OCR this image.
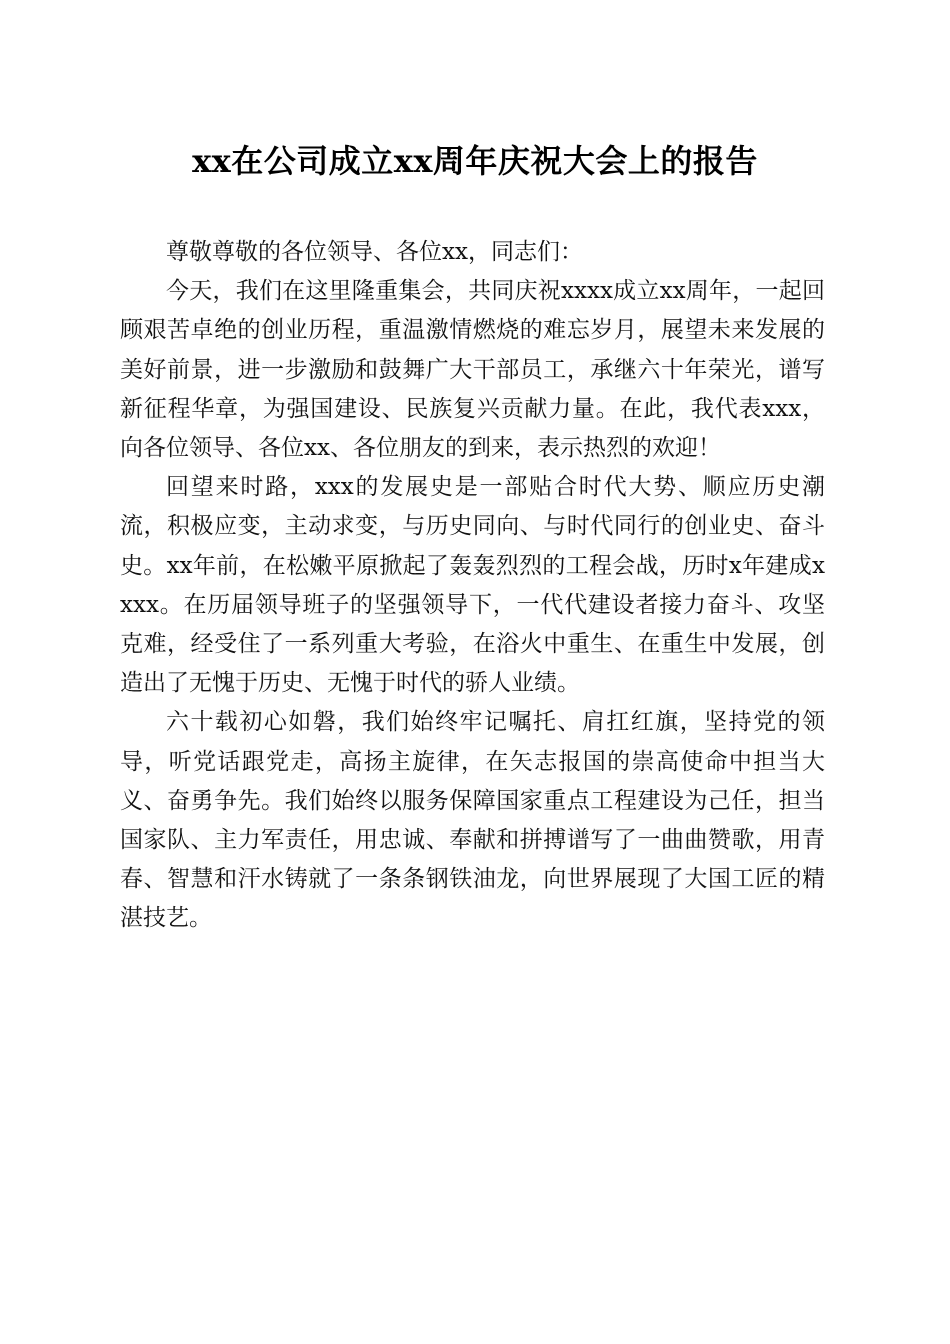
xx在公司成立xx周年庆祝大会上的报告

尊敬尊敬的各位领导、各位xx，同志们：

今天，我们在这里隆重集会，共同庆祝xxxx成立xx周年，一起回顾艰苦卓绝的创业历程，重温激情燃烧的难忘岁月，展望未来发展的美好前景，进一步激励和鼓舞广大干部员工，承继六十年荣光，谱写新征程华章，为强国建设、民族复兴贡献力量。在此，我代表xxx，向各位领导、各位xx、各位朋友的到来，表示热烈的欢迎！

回望来时路，xxx的发展史是一部贴合时代大势、顺应历史潮流，积极应变，主动求变，与历史同向、与时代同行的创业史、奋斗史。xx年前，在松嫩平原掀起了轰轰烈烈的工程会战，历时x年建成xxxx。在历届领导班子的坚强领导下，一代代建设者接力奋斗、攻坚克难，经受住了一系列重大考验，在浴火中重生、在重生中发展，创造出了无愧于历史、无愧于时代的骄人业绩。

六十载初心如磐，我们始终牢记嘱托、肩扛红旗，坚持党的领导，听党话跟党走，高扬主旋律，在矢志报国的崇高使命中担当大义、奋勇争先。我们始终以服务保障国家重点工程建设为己任，担当国家队、主力军责任，用忠诚、奉献和拼搏谱写了一曲曲赞歌，用青春、智慧和汗水铸就了一条条钢铁油龙，向世界展现了大国工匠的精湛技艺。
